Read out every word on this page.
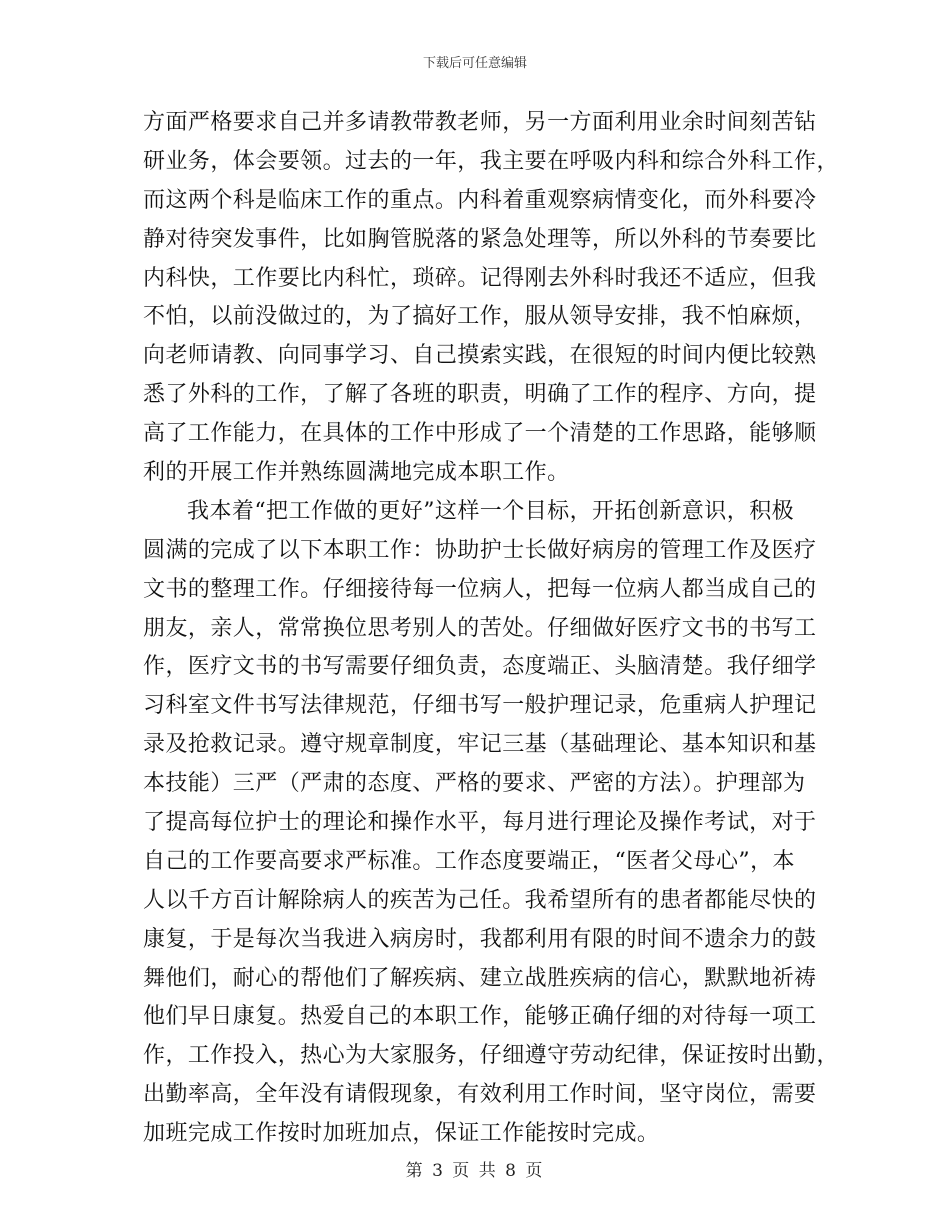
下载后可任意编辑
方面严格要求自己并多请教带教老师，另一方面利用业余时间刻苦钻
研业务，体会要领。过去的一年，我主要在呼吸内科和综合外科工作，
而这两个科是临床工作的重点。内科着重观察病情变化，而外科要冷
静对待突发事件，比如胸管脱落的紧急处理等，所以外科的节奏要比
内科快，工作要比内科忙，琐碎。记得刚去外科时我还不适应，但我
不怕，以前没做过的，为了搞好工作，服从领导安排，我不怕麻烦，
向老师请教、向同事学习、自己摸索实践，在很短的时间内便比较熟
悉了外科的工作，了解了各班的职责，明确了工作的程序、方向，提
高了工作能力，在具体的工作中形成了一个清楚的工作思路，能够顺
利的开展工作并熟练圆满地完成本职工作。
我本着“把工作做的更好”这样一个目标，开拓创新意识，积极
圆满的完成了以下本职工作：协助护士长做好病房的管理工作及医疗
文书的整理工作。仔细接待每一位病人，把每一位病人都当成自己的
朋友，亲人，常常换位思考别人的苦处。仔细做好医疗文书的书写工
作，医疗文书的书写需要仔细负责，态度端正、头脑清楚。我仔细学
习科室文件书写法律规范，仔细书写一般护理记录，危重病人护理记
录及抢救记录。遵守规章制度，牢记三基（基础理论、基本知识和基
本技能）三严（严肃的态度、严格的要求、严密的方法）。护理部为
了提高每位护士的理论和操作水平，每月进行理论及操作考试，对于
自己的工作要高要求严标准。工作态度要端正，“医者父母心”，本
人以千方百计解除病人的疾苦为己任。我希望所有的患者都能尽快的
康复，于是每次当我进入病房时，我都利用有限的时间不遗余力的鼓
舞他们，耐心的帮他们了解疾病、建立战胜疾病的信心，默默地祈祷
他们早日康复。热爱自己的本职工作，能够正确仔细的对待每一项工
作，工作投入，热心为大家服务，仔细遵守劳动纪律，保证按时出勤，
出勤率高，全年没有请假现象，有效利用工作时间，坚守岗位，需要
加班完成工作按时加班加点，保证工作能按时完成。
第 3 页 共 8 页
